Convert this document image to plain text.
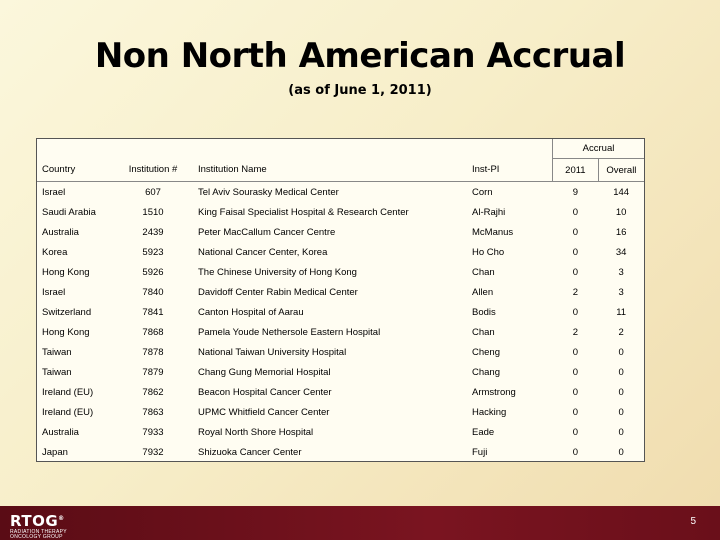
Non North American Accrual
(as of June 1, 2011)
				Accrual	
Country	Institution #	Institution Name	Inst-PI	2011	Overall
Israel	607	Tel Aviv Sourasky Medical Center	Corn	9	144
Saudi Arabia	1510	King Faisal Specialist Hospital & Research Center	Al-Rajhi	0	10
Australia	2439	Peter MacCallum Cancer Centre	McManus	0	16
Korea	5923	National Cancer Center, Korea	Ho Cho	0	34
Hong Kong	5926	The Chinese University of Hong Kong	Chan	0	3
Israel	7840	Davidoff Center Rabin Medical Center	Allen	2	3
Switzerland	7841	Canton Hospital of Aarau	Bodis	0	11
Hong Kong	7868	Pamela Youde Nethersole Eastern Hospital	Chan	2	2
Taiwan	7878	National Taiwan University Hospital	Cheng	0	0
Taiwan	7879	Chang Gung Memorial Hospital	Chang	0	0
Ireland (EU)	7862	Beacon Hospital Cancer Center	Armstrong	0	0
Ireland (EU)	7863	UPMC Whitfield Cancer Center	Hacking	0	0
Australia	7933	Royal North Shore Hospital	Eade	0	0
Japan	7932	Shizuoka Cancer Center	Fuji	0	0
RTOG®
RADIATION THERAPY
ONCOLOGY GROUP
5
